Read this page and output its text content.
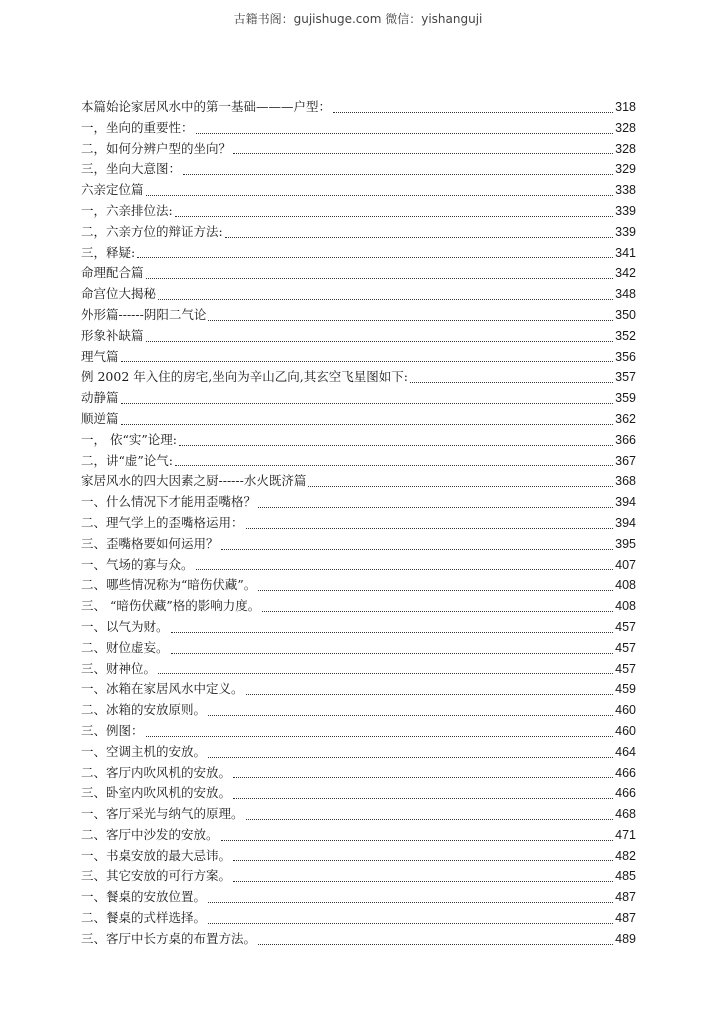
古籍书阁：gujishuge.com 微信：yishanguji
本篇始论家居风水中的第一基础———户型：	318
一，坐向的重要性：	328
二，如何分辨户型的坐向？	328
三，坐向大意图：	329
六亲定位篇	338
一，六亲排位法:	339
二，六亲方位的辩证方法:	339
三，释疑:	341
命理配合篇	342
命宫位大揭秘	348
外形篇------阴阳二气论	350
形象补缺篇	352
理气篇	356
例 2002 年入住的房宅,坐向为辛山乙向,其玄空飞星图如下:	357
动静篇	359
顺逆篇	362
一， 依“实”论理:	366
二，讲“虚”论气:	367
家居风水的四大因素之厨------水火既济篇	368
一、什么情况下才能用歪嘴格？	394
二、理气学上的歪嘴格运用：	394
三、歪嘴格要如何运用？	395
一、气场的寡与众。	407
二、哪些情况称为“暗伤伏藏”。	408
三、 “暗伤伏藏”格的影响力度。	408
一、以气为财。	457
二、财位虚妄。	457
三、财神位。	457
一、冰箱在家居风水中定义。	459
二、冰箱的安放原则。	460
三、例图：	460
一、空调主机的安放。	464
二、客厅内吹风机的安放。	466
三、卧室内吹风机的安放。	466
一、客厅采光与纳气的原理。	468
二、客厅中沙发的安放。	471
一、书桌安放的最大忌讳。	482
三、其它安放的可行方案。	485
一、餐桌的安放位置。	487
二、餐桌的式样选择。	487
三、客厅中长方桌的布置方法。	489
